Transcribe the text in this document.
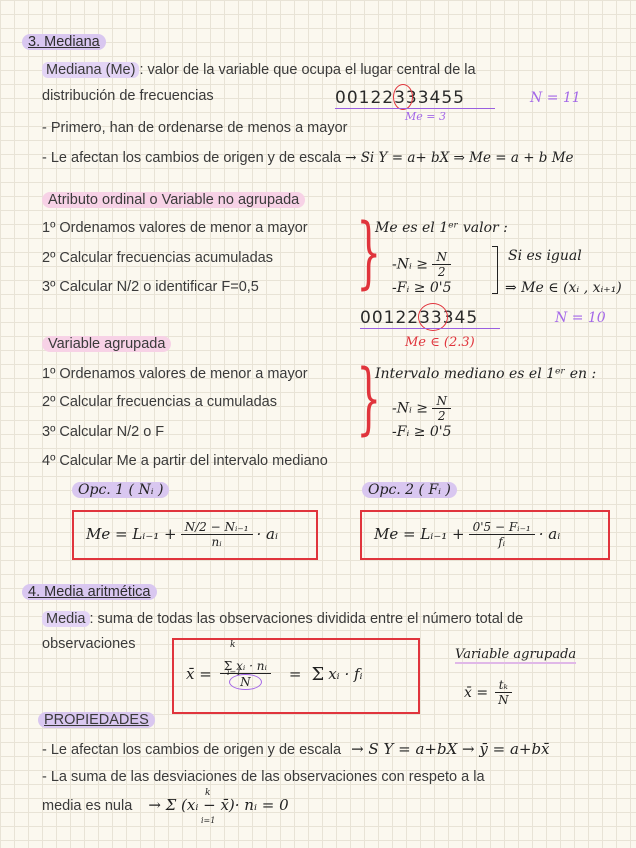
3. Mediana
Mediana (Me) : valor de la variable que ocupa el lugar central de la
distribución de frecuencias	00122333455
Me = 3
N = 11
- Primero, han de ordenarse de menos a mayor
- Le afectan los cambios de origen y de escala → Si Y = a+ bX ⇒ Me = a + b Me
Atributo ordinal o Variable no agrupada
1º Ordenamos valores de menor a mayor
2º Calcular frecuencias acumuladas
3º Calcular N/2 o identificar F=0,5 }
Me es el 1ᵉʳ valor :
-Nᵢ ≥ $\frac{N}{2}$
-Fᵢ ≥ 0'5
Si es igual
⇒ Me ∈ (xᵢ , xᵢ₊₁)
0012233345
Me ∈ (2.3)
N = 10
Variable agrupada
1º Ordenamos valores de menor a mayor
2º Calcular frecuencias a cumuladas
3º Calcular N/2 o F
4º Calcular Me a partir del intervalo mediano
}
Intervalo mediano es el 1ᵉʳ en :
-Nᵢ ≥ $\frac{N}{2}$
-Fᵢ ≥ 0'5
Opc. 1 ( Nᵢ )	Opc. 2 ( Fᵢ )
Me = Lᵢ₋₁ + $\frac{\text{N/2 − Nᵢ₋₁}}{\text{nᵢ}}$ · aᵢ	Me = Lᵢ₋₁ + $\frac{\text{0'5 − Fᵢ₋₁}}{\text{fᵢ}}$ · aᵢ
4. Media aritmética
Media : suma de todas las observaciones dividida entre el número total de
observaciones
x̄ = $\frac{\text{Σ xᵢ · nᵢ}}{N} = \Sigma$ xᵢ · fᵢ
k
i=1
Variable agrupada
x̄ = $\frac{\text{tₖ}}{N}$
PROPIEDADES
- Le afectan los cambios de origen y de escala → S Y = a+bX → ȳ = a+bx̄
- La suma de las desviaciones de las observaciones con respeto a la
media es nula → Σ (xᵢ − x̄)· nᵢ = 0
k
i=1
